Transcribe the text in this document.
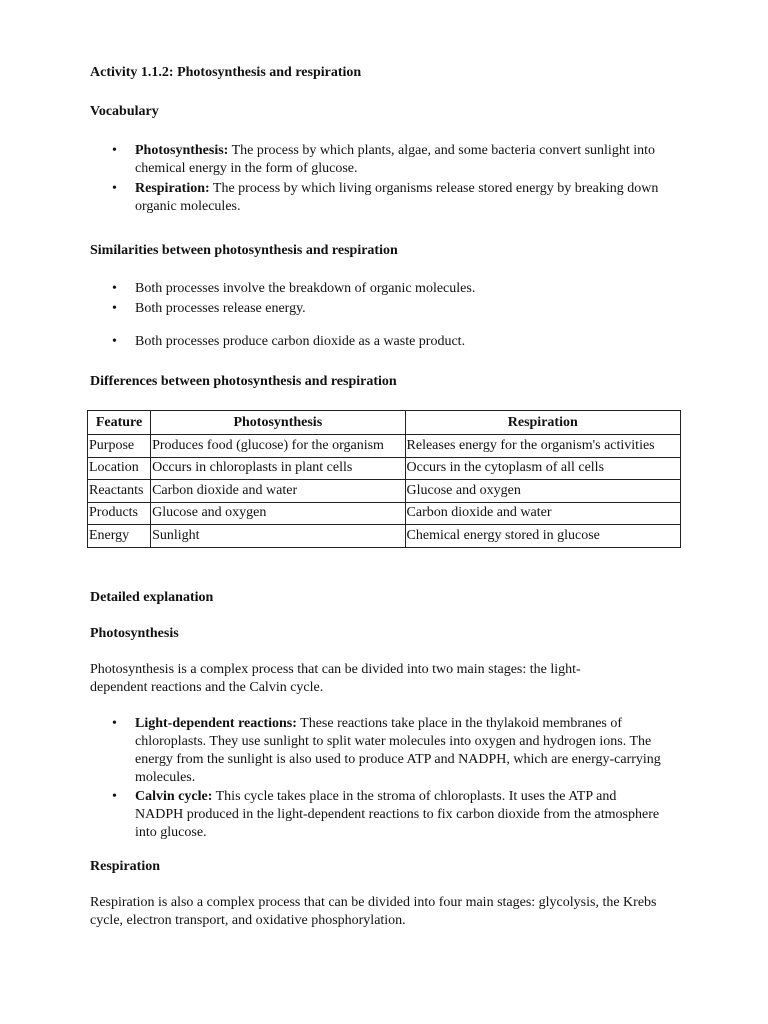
Activity 1.1.2: Photosynthesis and respiration

Vocabulary

• Photosynthesis: The process by which plants, algae, and some bacteria convert sunlight into chemical energy in the form of glucose.
• Respiration: The process by which living organisms release stored energy by breaking down organic molecules.

Similarities between photosynthesis and respiration

• Both processes involve the breakdown of organic molecules.
• Both processes release energy.
• Both processes produce carbon dioxide as a waste product.

Differences between photosynthesis and respiration

Feature	Photosynthesis	Respiration
Purpose	Produces food (glucose) for the organism	Releases energy for the organism's activities
Location	Occurs in chloroplasts in plant cells	Occurs in the cytoplasm of all cells
Reactants	Carbon dioxide and water	Glucose and oxygen
Products	Glucose and oxygen	Carbon dioxide and water
Energy	Sunlight	Chemical energy stored in glucose

Detailed explanation

Photosynthesis

Photosynthesis is a complex process that can be divided into two main stages: the light-dependent reactions and the Calvin cycle.

• Light-dependent reactions: These reactions take place in the thylakoid membranes of chloroplasts. They use sunlight to split water molecules into oxygen and hydrogen ions. The energy from the sunlight is also used to produce ATP and NADPH, which are energy-carrying molecules.
• Calvin cycle: This cycle takes place in the stroma of chloroplasts. It uses the ATP and NADPH produced in the light-dependent reactions to fix carbon dioxide from the atmosphere into glucose.

Respiration

Respiration is also a complex process that can be divided into four main stages: glycolysis, the Krebs cycle, electron transport, and oxidative phosphorylation.
